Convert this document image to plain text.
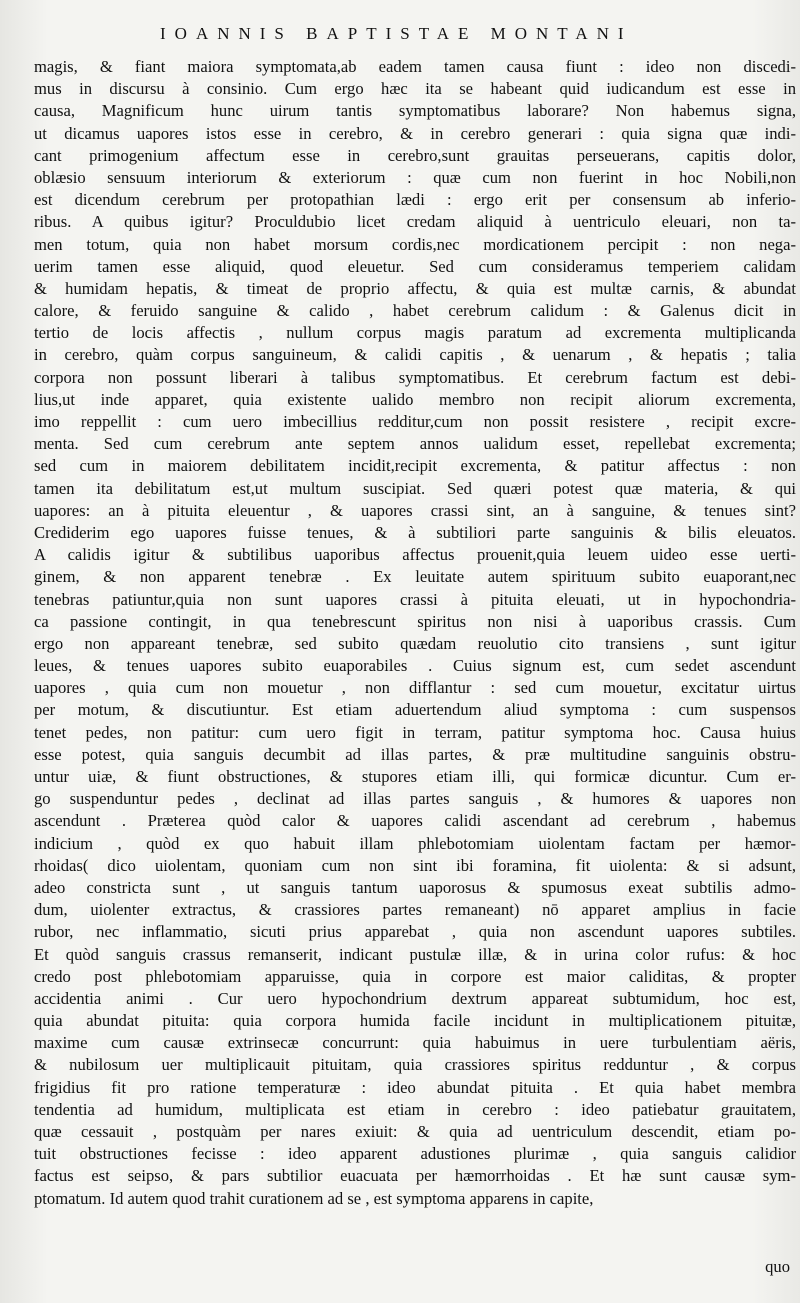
IOANNIS BAPTISTAE MONTANI
magis, & fiant maiora symptomata,ab eadem tamen causa fiunt : ideo non discedi-
mus in discursu à consinio. Cum ergo hæc ita se habeant quid iudicandum est esse in
causa, Magnificum hunc uirum tantis symptomatibus laborare? Non habemus signa,
ut dicamus uapores istos esse in cerebro, & in cerebro generari : quia signa quæ indi-
cant primogenium affectum esse in cerebro,sunt grauitas perseuerans, capitis dolor,
oblæsio sensuum interiorum & exteriorum : quæ cum non fuerint in hoc Nobili,non
est dicendum cerebrum per protopathian lædi : ergo erit per consensum ab inferio-
ribus. A quibus igitur? Proculdubio licet credam aliquid à uentriculo eleuari, non ta-
men totum, quia non habet morsum cordis,nec mordicationem percipit : non nega-
uerim tamen esse aliquid, quod eleuetur. Sed cum consideramus temperiem calidam
& humidam hepatis, & timeat de proprio affectu, & quia est multæ carnis, & abundat
calore, & feruido sanguine & calido , habet cerebrum calidum : & Galenus dicit in
tertio de locis affectis , nullum corpus magis paratum ad excrementa multiplicanda
in cerebro, quàm corpus sanguineum, & calidi capitis , & uenarum , & hepatis ; talia
corpora non possunt liberari à talibus symptomatibus. Et cerebrum factum est debi-
lius,ut inde apparet, quia existente ualido membro non recipit aliorum excrementa,
imo reppellit : cum uero imbecillius redditur,cum non possit resistere , recipit excre-
menta. Sed cum cerebrum ante septem annos ualidum esset, repellebat excrementa;
sed cum in maiorem debilitatem incidit,recipit excrementa, & patitur affectus : non
tamen ita debilitatum est,ut multum suscipiat. Sed quæri potest quæ materia, & qui
uapores: an à pituita eleuentur , & uapores crassi sint, an à sanguine, & tenues sint?
Crediderim ego uapores fuisse tenues, & à subtiliori parte sanguinis & bilis eleuatos.
A calidis igitur & subtilibus uaporibus affectus prouenit,quia leuem uideo esse uerti-
ginem, & non apparent tenebræ . Ex leuitate autem spirituum subito euaporant,nec
tenebras patiuntur,quia non sunt uapores crassi à pituita eleuati, ut in hypochondria-
ca passione contingit, in qua tenebrescunt spiritus non nisi à uaporibus crassis. Cum
ergo non appareant tenebræ, sed subito quædam reuolutio cito transiens , sunt igitur
leues, & tenues uapores subito euaporabiles . Cuius signum est, cum sedet ascendunt
uapores , quia cum non mouetur , non difflantur : sed cum mouetur, excitatur uirtus
per motum, & discutiuntur. Est etiam aduertendum aliud symptoma : cum suspensos
tenet pedes, non patitur: cum uero figit in terram, patitur symptoma hoc. Causa huius
esse potest, quia sanguis decumbit ad illas partes, & præ multitudine sanguinis obstru-
untur uiæ, & fiunt obstructiones, & stupores etiam illi, qui formicæ dicuntur. Cum er-
go suspenduntur pedes , declinat ad illas partes sanguis , & humores & uapores non
ascendunt . Præterea quòd calor & uapores calidi ascendant ad cerebrum , habemus
indicium , quòd ex quo habuit illam phlebotomiam uiolentam factam per hæmor-
rhoidas( dico uiolentam, quoniam cum non sint ibi foramina, fit uiolenta: & si adsunt,
adeo constricta sunt , ut sanguis tantum uaporosus & spumosus exeat subtilis admo-
dum, uiolenter extractus, & crassiores partes remaneant) nō apparet amplius in facie
rubor, nec inflammatio, sicuti prius apparebat , quia non ascendunt uapores subtiles.
Et quòd sanguis crassus remanserit, indicant pustulæ illæ, & in urina color rufus: & hoc
credo post phlebotomiam apparuisse, quia in corpore est maior caliditas, & propter
accidentia animi . Cur uero hypochondrium dextrum appareat subtumidum, hoc est,
quia abundat pituita: quia corpora humida facile incidunt in multiplicationem pituitæ,
maxime cum causæ extrinsecæ concurrunt: quia habuimus in uere turbulentiam aëris,
& nubilosum uer multiplicauit pituitam, quia crassiores spiritus redduntur , & corpus
frigidius fit pro ratione temperaturæ : ideo abundat pituita . Et quia habet membra
tendentia ad humidum, multiplicata est etiam in cerebro : ideo patiebatur grauitatem,
quæ cessauit , postquàm per nares exiuit: & quia ad uentriculum descendit, etiam po-
tuit obstructiones fecisse : ideo apparent adustiones plurimæ , quia sanguis calidior
factus est seipso, & pars subtilior euacuata per hæmorrhoidas . Et hæ sunt causæ sym-
ptomatum. Id autem quod trahit curationem ad se , est symptoma apparens in capite,
quo
